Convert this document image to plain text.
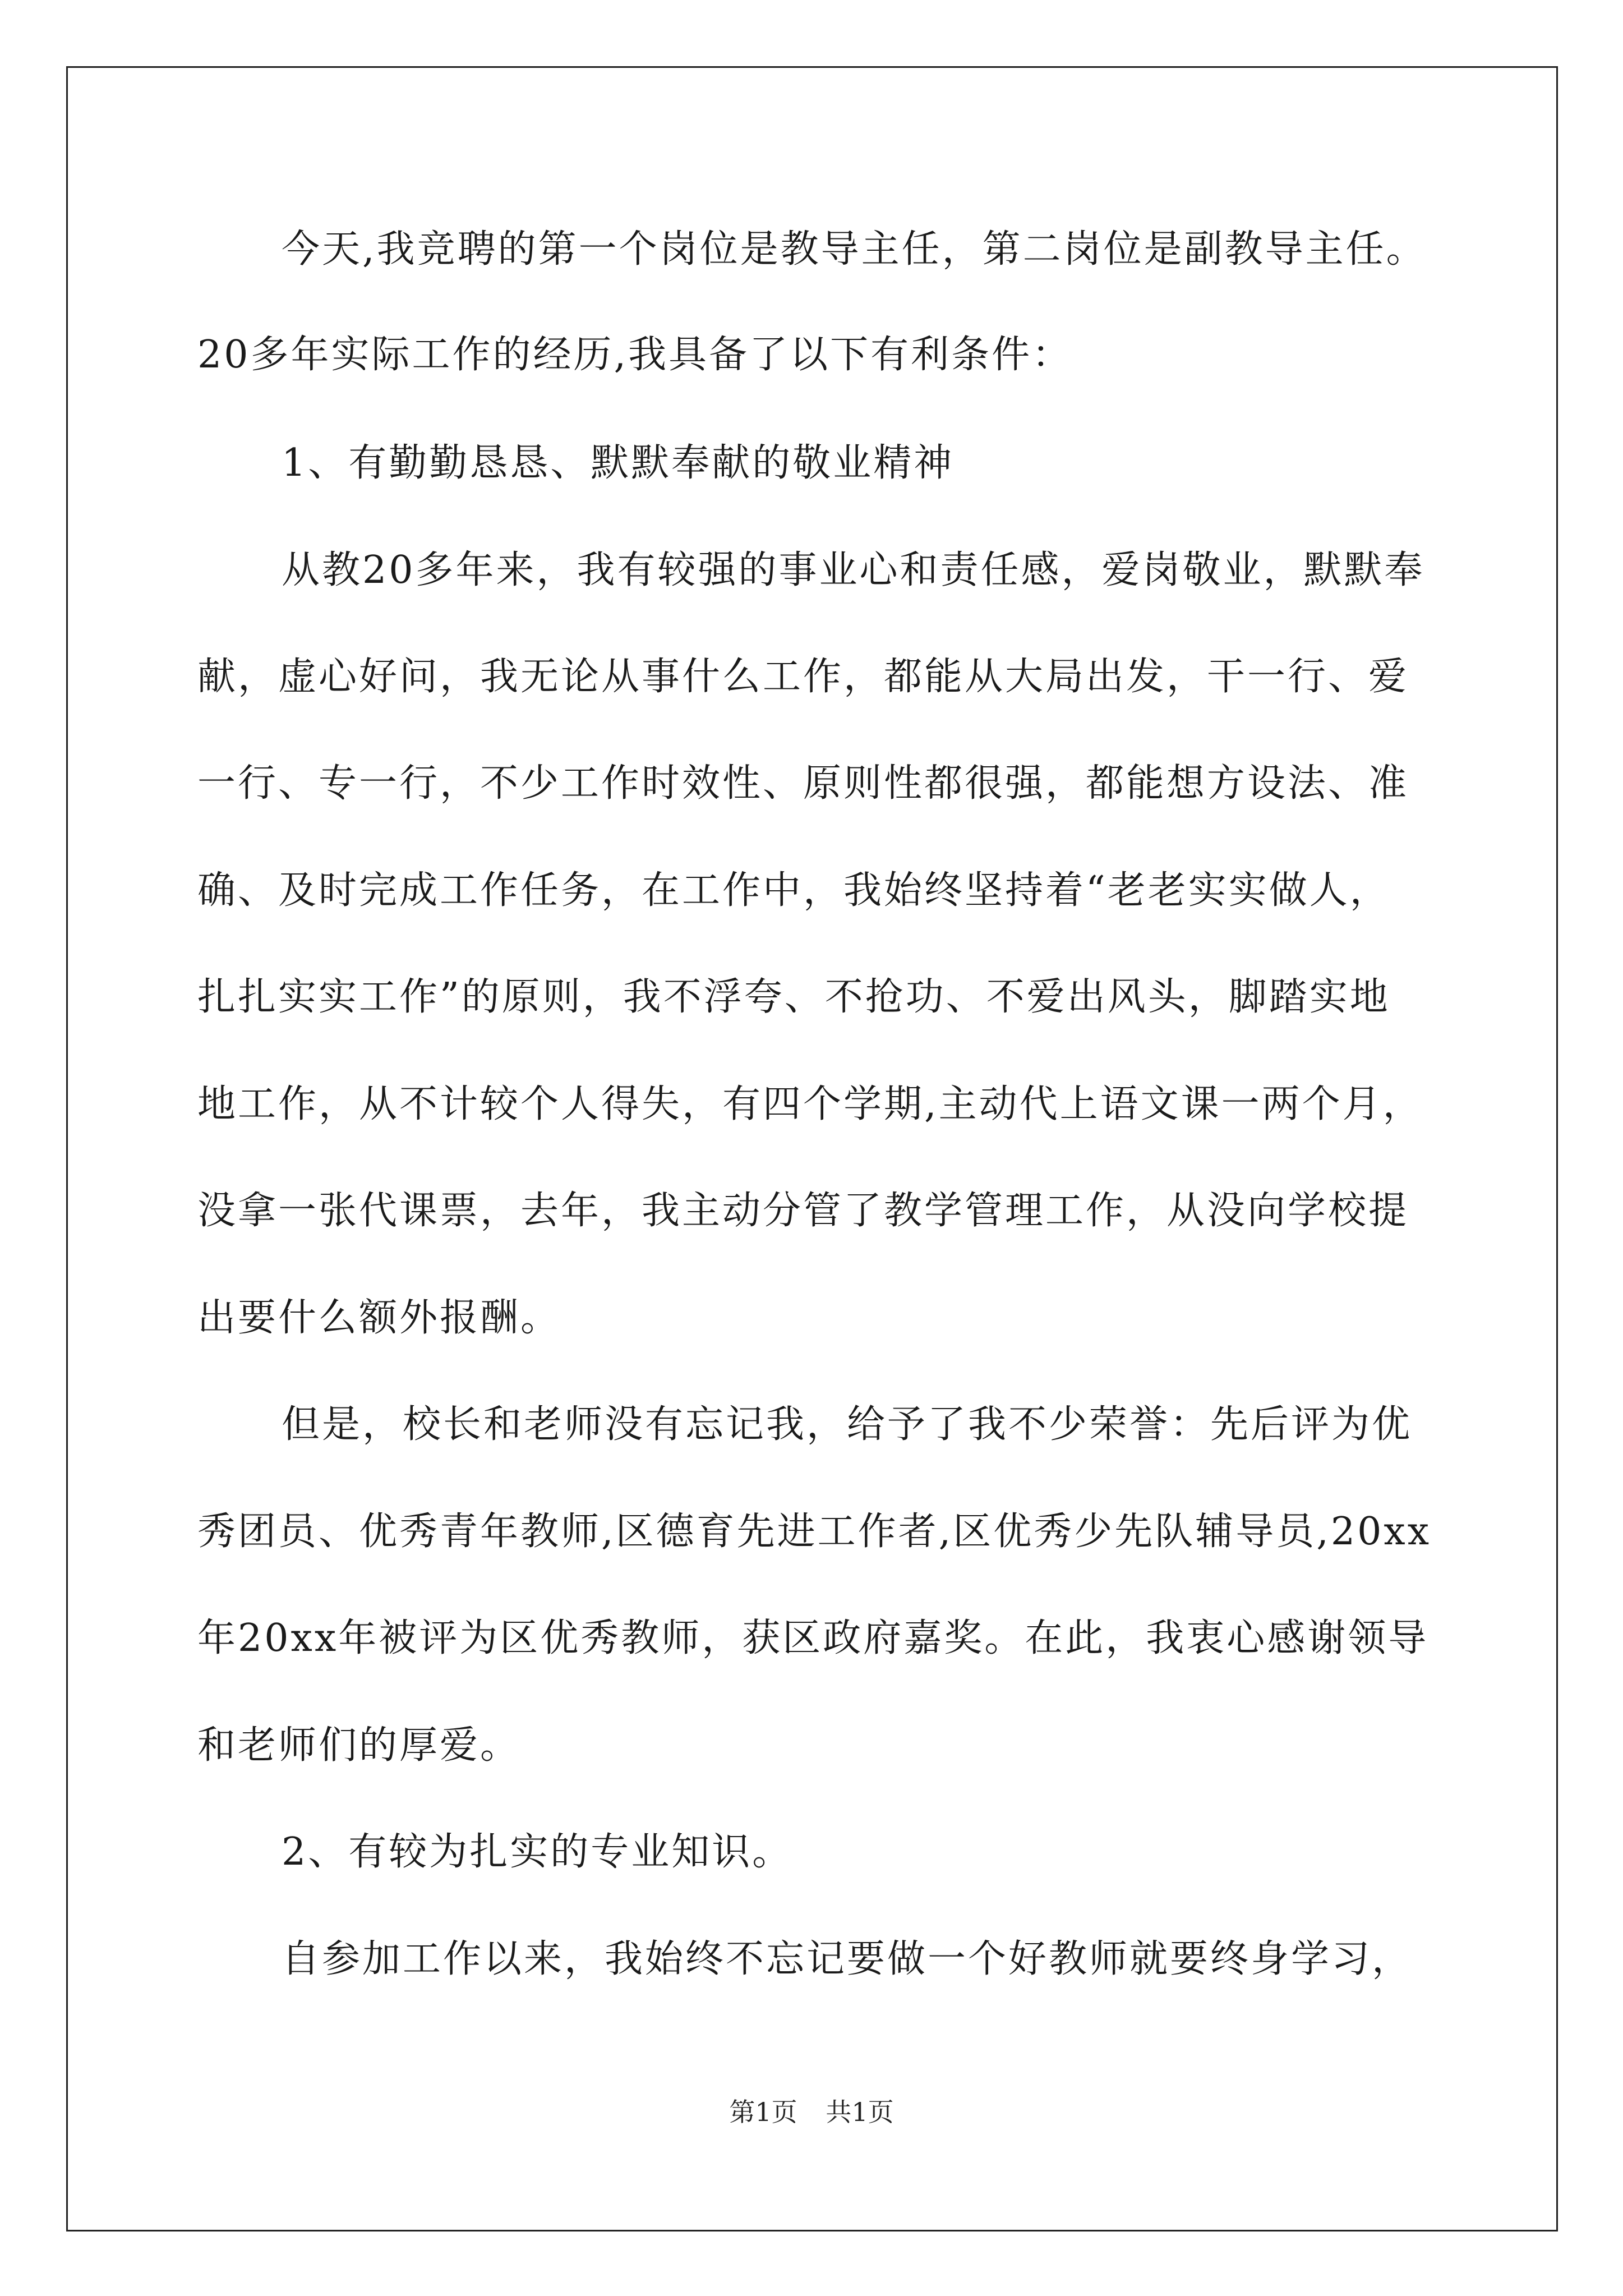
今天,我竞聘的第一个岗位是教导主任，第二岗位是副教导主任。
20多年实际工作的经历,我具备了以下有利条件：
1、有勤勤恳恳、默默奉献的敬业精神
从教20多年来，我有较强的事业心和责任感，爱岗敬业，默默奉
献，虚心好问，我无论从事什么工作，都能从大局出发，干一行、爱
一行、专一行，不少工作时效性、原则性都很强，都能想方设法、准
确、及时完成工作任务，在工作中，我始终坚持着“老老实实做人，
扎扎实实工作”的原则，我不浮夸、不抢功、不爱出风头，脚踏实地
地工作，从不计较个人得失，有四个学期,主动代上语文课一两个月，
没拿一张代课票，去年，我主动分管了教学管理工作，从没向学校提
出要什么额外报酬。
但是，校长和老师没有忘记我，给予了我不少荣誉：先后评为优
秀团员、优秀青年教师,区德育先进工作者,区优秀少先队辅导员,20xx
年20xx年被评为区优秀教师，获区政府嘉奖。在此，我衷心感谢领导
和老师们的厚爱。
2、有较为扎实的专业知识。
自参加工作以来，我始终不忘记要做一个好教师就要终身学习，
第1页 共1页
